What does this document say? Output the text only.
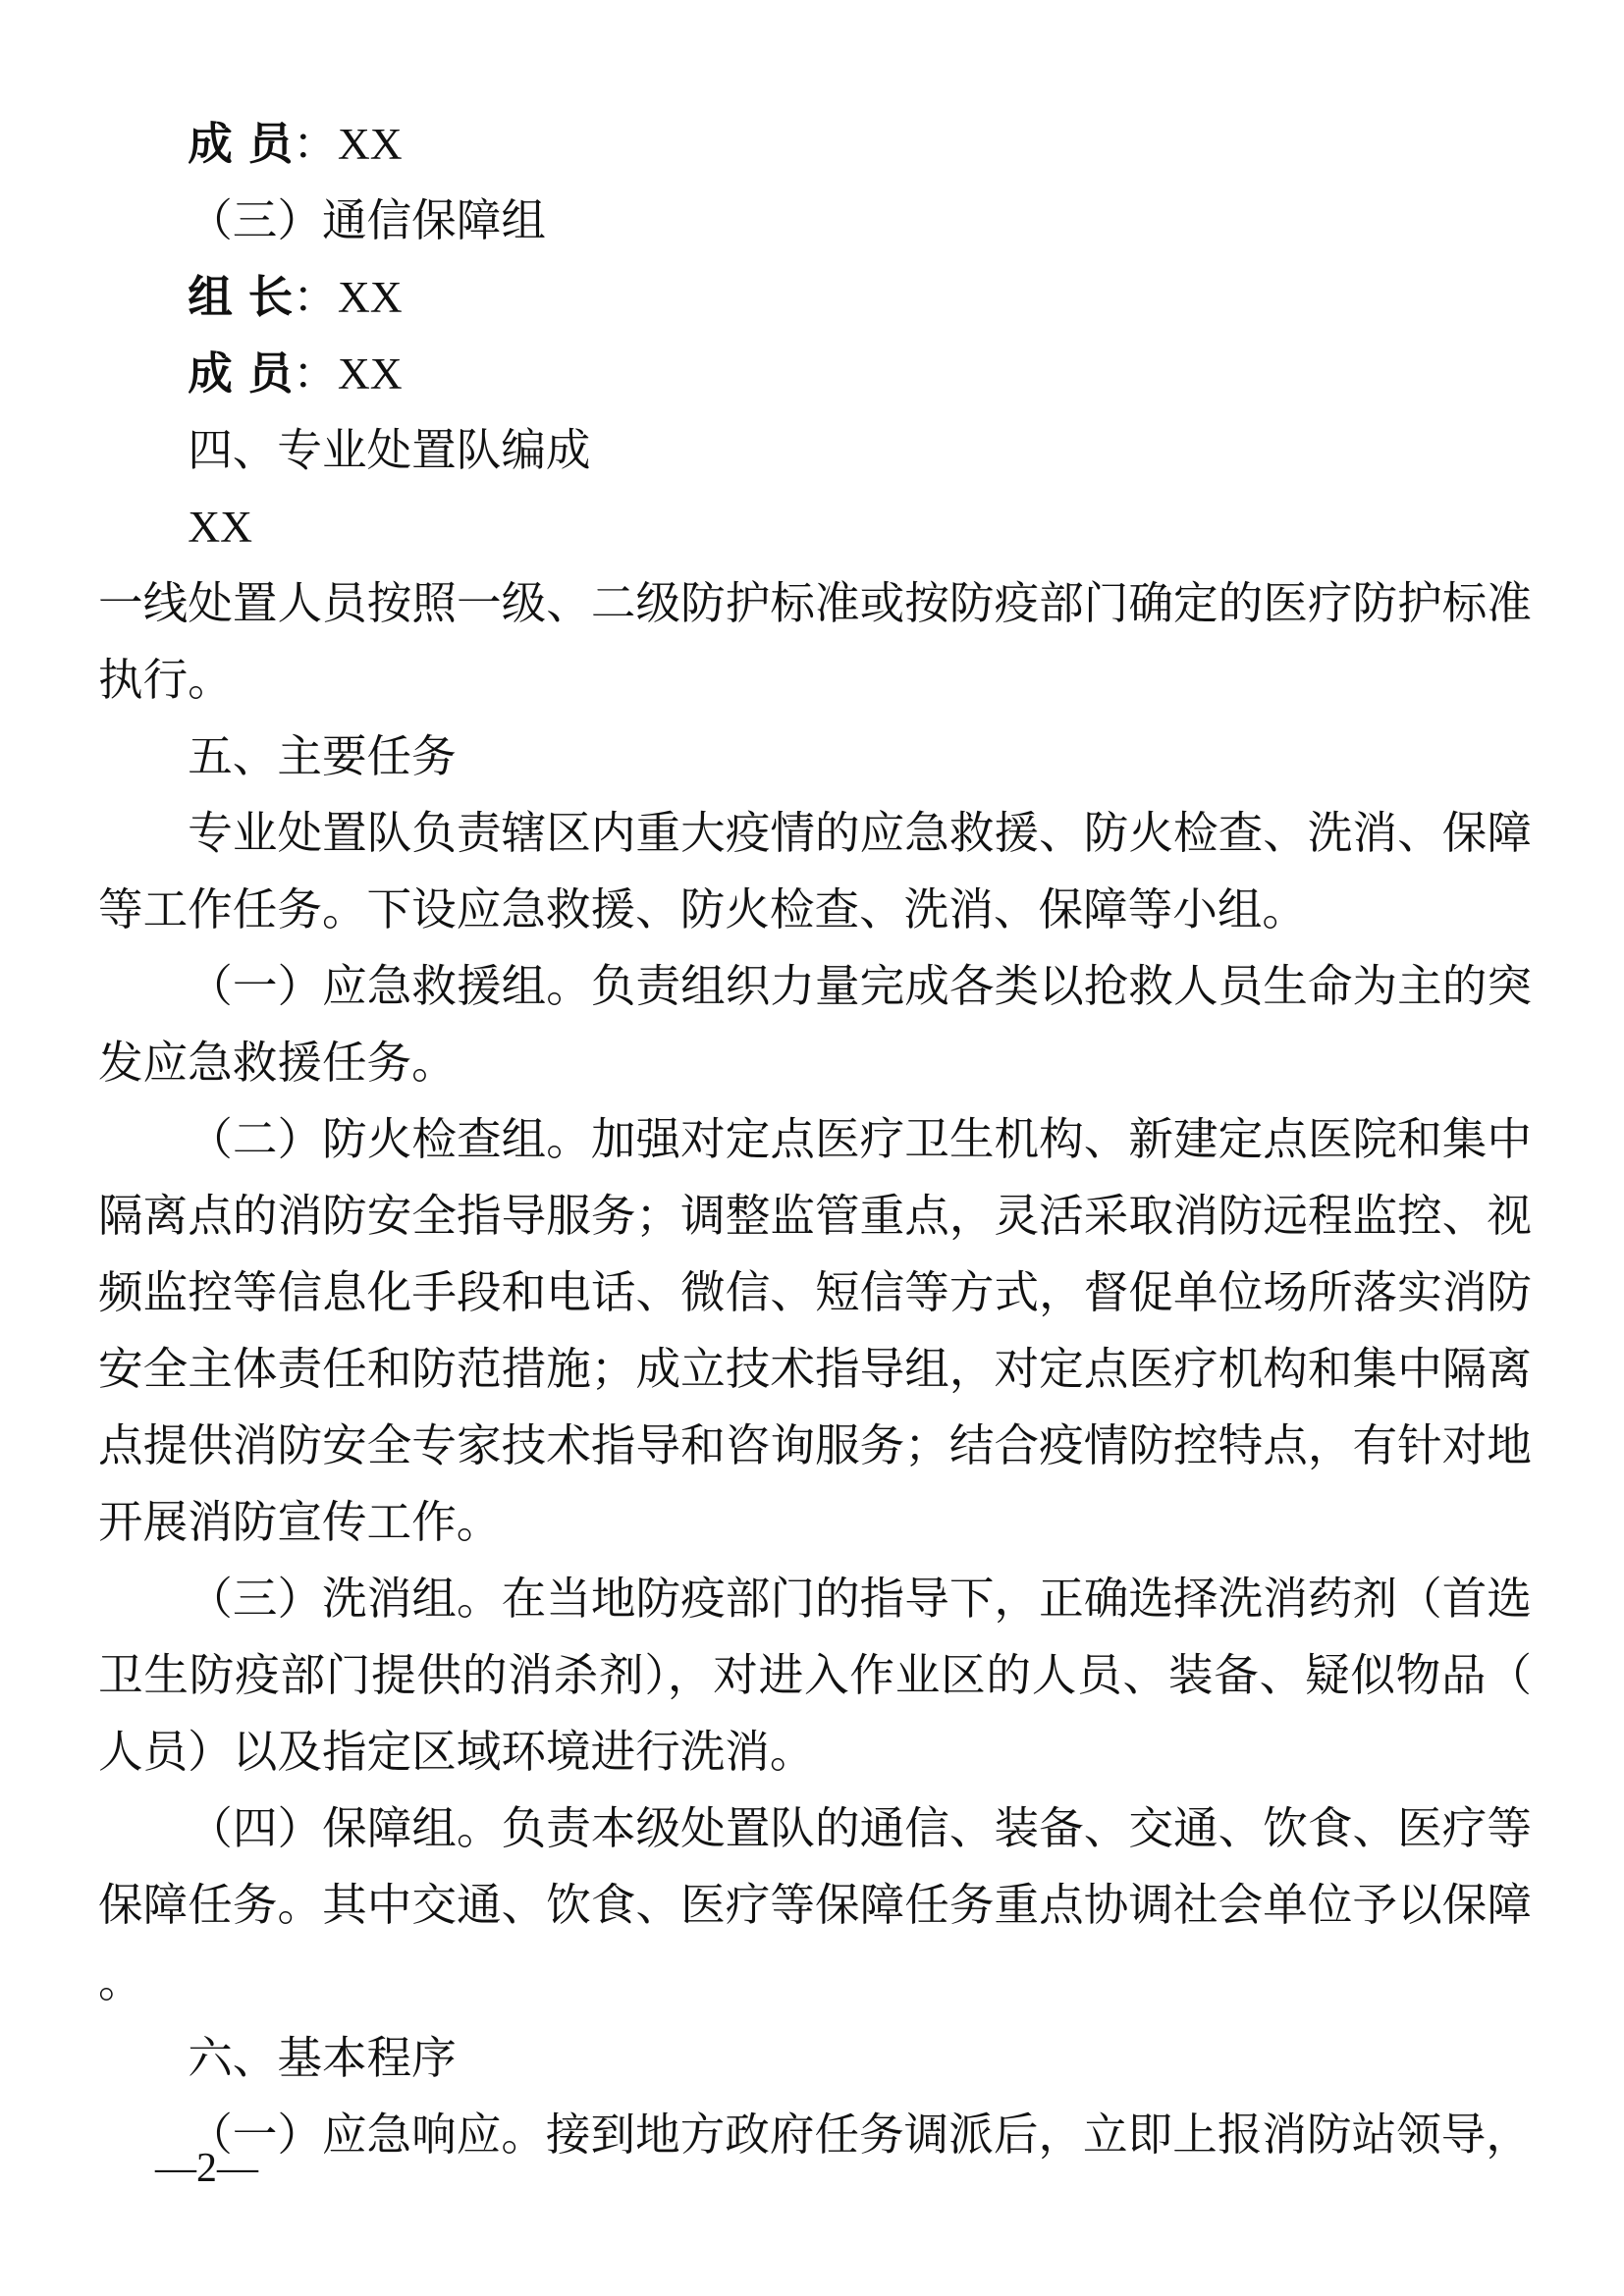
成 员：XX

（三）通信保障组

组 长：XX

成 员：XX

四、专业处置队编成

XX

一线处置人员按照一级、二级防护标准或按防疫部门确定的医疗防护标准执行。

五、主要任务

专业处置队负责辖区内重大疫情的应急救援、防火检查、洗消、保障等工作任务。下设应急救援、防火检查、洗消、保障等小组。

（一）应急救援组。负责组织力量完成各类以抢救人员生命为主的突发应急救援任务。

（二）防火检查组。加强对定点医疗卫生机构、新建定点医院和集中隔离点的消防安全指导服务；调整监管重点，灵活采取消防远程监控、视频监控等信息化手段和电话、微信、短信等方式，督促单位场所落实消防安全主体责任和防范措施；成立技术指导组，对定点医疗机构和集中隔离点提供消防安全专家技术指导和咨询服务；结合疫情防控特点，有针对地开展消防宣传工作。

（三）洗消组。在当地防疫部门的指导下，正确选择洗消药剂（首选卫生防疫部门提供的消杀剂），对进入作业区的人员、装备、疑似物品（人员）以及指定区域环境进行洗消。

（四）保障组。负责本级处置队的通信、装备、交通、饮食、医疗等保障任务。其中交通、饮食、医疗等保障任务重点协调社会单位予以保障。

六、基本程序

（一）应急响应。接到地方政府任务调派后，立即上报消防站领导，

—2—
